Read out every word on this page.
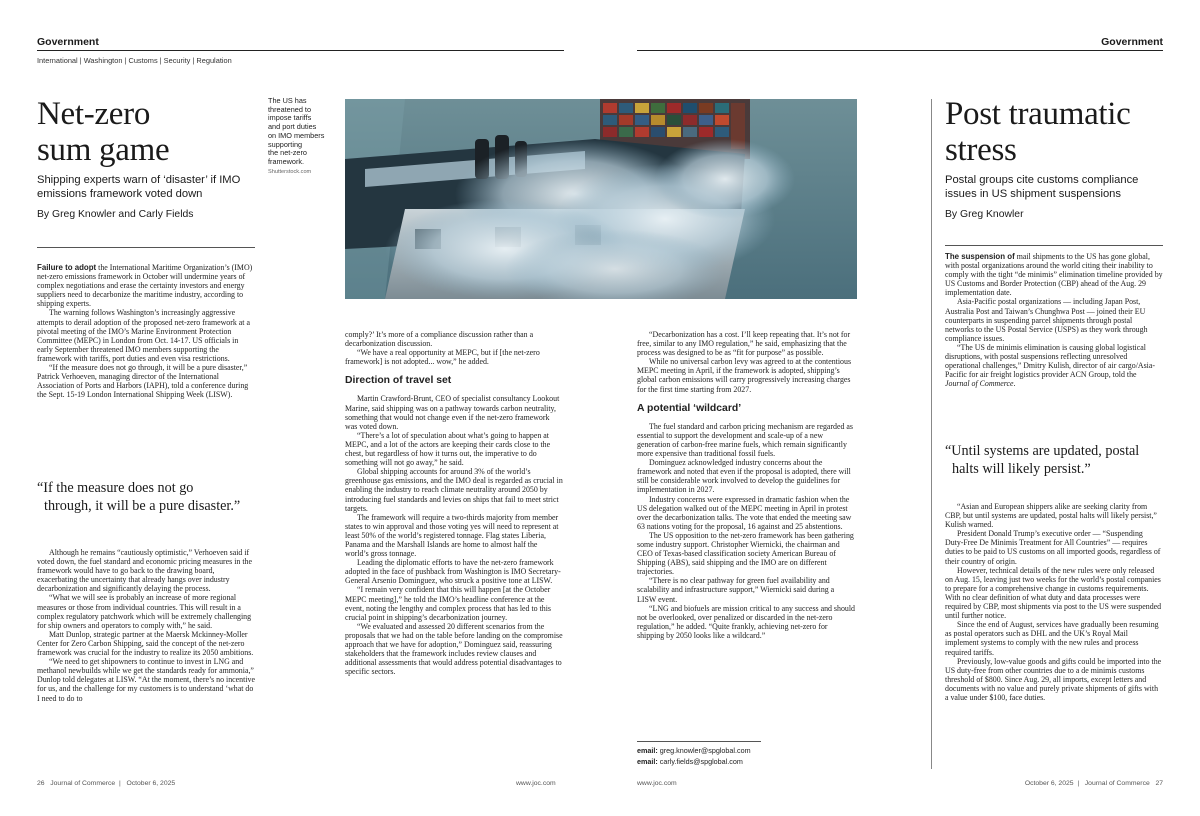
Government
International | Washington | Customs | Security | Regulation
Government
Net-zero
sum game
Shipping experts warn of ‘disaster’ if IMO
emissions framework voted down
By Greg Knowler and Carly Fields
The US has
threatened to
impose tariffs
and port duties
on IMO members
supporting
the net-zero
framework.
Shutterstock.com

Failure to adopt the International Maritime Organization’s (IMO) net-zero emissions framework in October will undermine years of complex negotiations and erase the certainty investors and energy suppliers need to decarbonize the maritime industry, according to shipping experts.

The warning follows Washington’s increasingly aggressive attempts to derail adoption of the proposed net-zero framework at a pivotal meeting of the IMO’s Marine Environment Protection Committee (MEPC) in London from Oct. 14-17. US officials in early September threatened IMO members supporting the framework with tariffs, port duties and even visa restrictions.

“If the measure does not go through, it will be a pure disaster,” Patrick Verhoeven, managing director of the International Association of Ports and Harbors (IAPH), told a conference during the Sept. 15-19 London International Shipping Week (LISW).

“If the measure does not go
through, it will be a pure disaster.”

Although he remains “cautiously optimistic,” Verhoeven said if voted down, the fuel standard and economic pricing measures in the framework would have to go back to the drawing board, exacerbating the uncertainty that already hangs over industry decarbonization and significantly delaying the process.

“What we will see is probably an increase of more regional measures or those from individual countries. This will result in a complex regulatory patchwork which will be extremely challenging for ship owners and operators to comply with,” he said.

Matt Dunlop, strategic partner at the Maersk Mckinney-Moller Center for Zero Carbon Shipping, said the concept of the net-zero framework was crucial for the industry to realize its 2050 ambitions.

“We need to get shipowners to continue to invest in LNG and methanol newbuilds while we get the standards ready for ammonia,” Dunlop told delegates at LISW. “At the moment, there’s no incentive for us, and the challenge for my customers is to understand ‘what do I need to do to

comply?’ It’s more of a compliance discussion rather than a decarbonization discussion.

“We have a real opportunity at MEPC, but if [the net-zero framework] is not adopted... wow,” he added.

Direction of travel set

Martin Crawford-Brunt, CEO of specialist consultancy Lookout Marine, said shipping was on a pathway towards carbon neutrality, something that would not change even if the net-zero framework was voted down.

“There’s a lot of speculation about what’s going to happen at MEPC, and a lot of the actors are keeping their cards close to the chest, but regardless of how it turns out, the imperative to do something will not go away,” he said.

Global shipping accounts for around 3% of the world’s greenhouse gas emissions, and the IMO deal is regarded as crucial in enabling the industry to reach climate neutrality around 2050 by introducing fuel standards and levies on ships that fail to meet strict targets.

The framework will require a two-thirds majority from member states to win approval and those voting yes will need to represent at least 50% of the world’s registered tonnage. Flag states Liberia, Panama and the Marshall Islands are home to almost half the world’s gross tonnage.

Leading the diplomatic efforts to have the net-zero framework adopted in the face of pushback from Washington is IMO Secretary-General Arsenio Dominguez, who struck a positive tone at LISW.

“I remain very confident that this will happen [at the October MEPC meeting],” he told the IMO’s headline conference at the event, noting the lengthy and complex process that has led to this crucial point in shipping’s decarbonization journey.

“We evaluated and assessed 20 different scenarios from the proposals that we had on the table before landing on the compromise approach that we have for adoption,” Dominguez said, reassuring stakeholders that the framework includes review clauses and additional assessments that would address potential disadvantages to specific sectors.

“Decarbonization has a cost. I’ll keep repeating that. It’s not for free, similar to any IMO regulation,” he said, emphasizing that the process was designed to be as “fit for purpose” as possible.

While no universal carbon levy was agreed to at the contentious MEPC meeting in April, if the framework is adopted, shipping’s global carbon emissions will carry progressively increasing charges for the first time starting from 2027.

A potential ‘wildcard’

The fuel standard and carbon pricing mechanism are regarded as essential to support the development and scale-up of a new generation of carbon-free marine fuels, which remain significantly more expensive than traditional fossil fuels.

Dominguez acknowledged industry concerns about the framework and noted that even if the proposal is adopted, there will still be considerable work involved to develop the guidelines for implementation in 2027.

Industry concerns were expressed in dramatic fashion when the US delegation walked out of the MEPC meeting in April in protest over the decarbonization talks. The vote that ended the meeting saw 63 nations voting for the proposal, 16 against and 25 abstentions.

The US opposition to the net-zero framework has been gathering some industry support. Christopher Wiernicki, the chairman and CEO of Texas-based classification society American Bureau of Shipping (ABS), said shipping and the IMO are on different trajectories.

“There is no clear pathway for green fuel availability and scalability and infrastructure support,” Wiernicki said during a LISW event.

“LNG and biofuels are mission critical to any success and should not be overlooked, over penalized or discarded in the net-zero regulation,” he added. “Quite frankly, achieving net-zero for shipping by 2050 looks like a wildcard.”

email: greg.knowler@spglobal.com
email: carly.fields@spglobal.com
Post traumatic
stress
Postal groups cite customs compliance
issues in US shipment suspensions
By Greg Knowler

The suspension of mail shipments to the US has gone global, with postal organizations around the world citing their inability to comply with the tight “de minimis” elimination timeline provided by US Customs and Border Protection (CBP) ahead of the Aug. 29 implementation date.

Asia-Pacific postal organizations — including Japan Post, Australia Post and Taiwan’s Chunghwa Post — joined their EU counterparts in suspending parcel shipments through postal networks to the US Postal Service (USPS) as they work through compliance issues.

“The US de minimis elimination is causing global logistical disruptions, with postal suspensions reflecting unresolved operational challenges,” Dmitry Kulish, director of air cargo/Asia-Pacific for air freight logistics provider ACN Group, told the Journal of Commerce.

“Until systems are updated, postal
halts will likely persist.”

“Asian and European shippers alike are seeking clarity from CBP, but until systems are updated, postal halts will likely persist,” Kulish warned.

President Donald Trump’s executive order — “Suspending Duty-Free De Minimis Treatment for All Countries” — requires duties to be paid to US customs on all imported goods, regardless of their country of origin.

However, technical details of the new rules were only released on Aug. 15, leaving just two weeks for the world’s postal companies to prepare for a comprehensive change in customs requirements. With no clear definition of what duty and data processes were required by CBP, most shipments via post to the US were suspended until further notice.

Since the end of August, services have gradually been resuming as postal operators such as DHL and the UK’s Royal Mail implement systems to comply with the new rules and process required tariffs.

Previously, low-value goods and gifts could be imported into the US duty-free from other countries due to a de minimis customs threshold of $800. Since Aug. 29, all imports, except letters and documents with no value and purely private shipments of gifts with a value under $100, face duties.

26 Journal of Commerce | October 6, 2025	www.joc.com	www.joc.com	October 6, 2025 | Journal of Commerce 27
